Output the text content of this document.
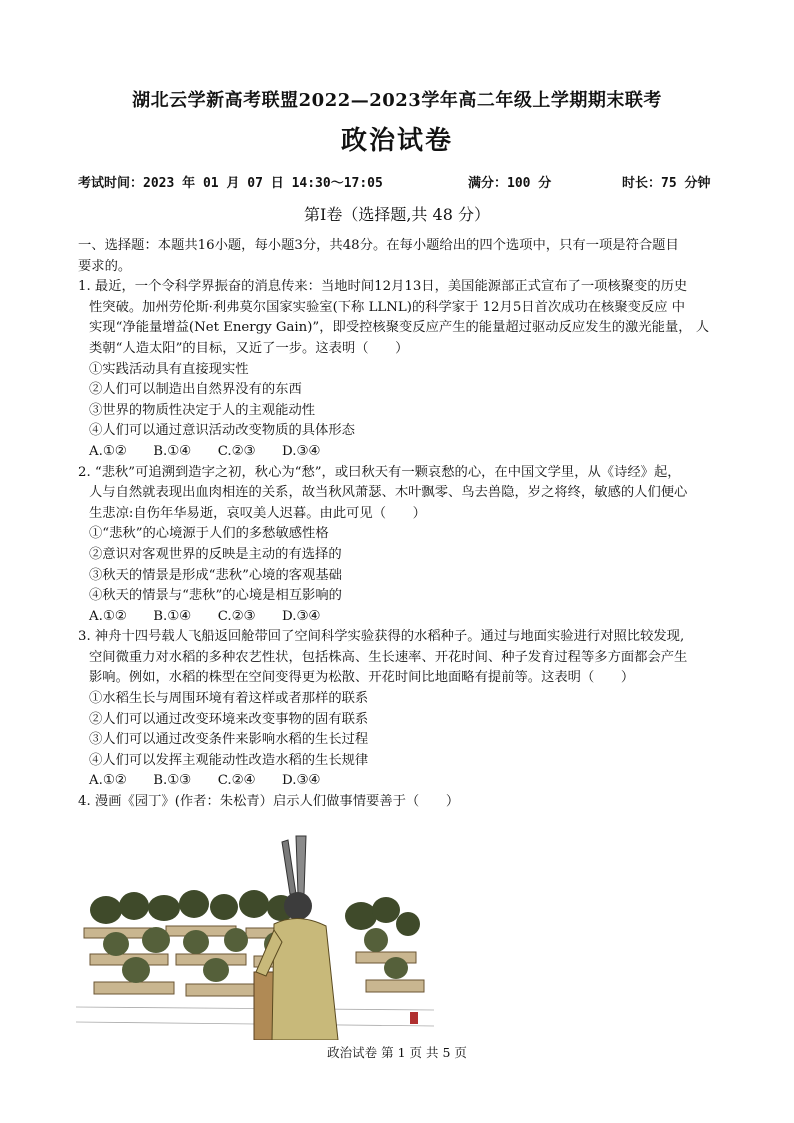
湖北云学新高考联盟2022—2023学年高二年级上学期期末联考
政治试卷
考试时间：2023 年 01 月 07 日 14:30～17:05	满分：100 分	时长：75 分钟
第Ⅰ卷（选择题,共 48 分）
一、选择题：本题共16小题，每小题3分，共48分。在每小题给出的四个选项中，只有一项是符合题目
要求的。
1. 最近，一个令科学界振奋的消息传来：当地时间12月13日，美国能源部正式宣布了一项核聚变的历史
性突破。加州劳伦斯·利弗莫尔国家实验室(下称 LLNL)的科学家于 12月5日首次成功在核聚变反应 中
实现“净能量增益(Net Energy Gain)”，即受控核聚变反应产生的能量超过驱动反应发生的激光能量， 人
类朝“人造太阳”的目标，又近了一步。这表明（　　）
①实践活动具有直接现实性
②人们可以制造出自然界没有的东西
③世界的物质性决定于人的主观能动性
④人们可以通过意识活动改变物质的具体形态
A.①②　　B.①④　　C.②③　　D.③④
2. “悲秋”可追溯到造字之初，秋心为“愁”，或曰秋天有一颗哀愁的心，在中国文学里，从《诗经》起，
人与自然就表现出血肉相连的关系，故当秋风萧瑟、木叶飘零、鸟去兽隐，岁之将终，敏感的人们便心
生悲凉:自伤年华易逝，哀叹美人迟暮。由此可见（　　）
①“悲秋”的心境源于人们的多愁敏感性格
②意识对客观世界的反映是主动的有选择的
③秋天的情景是形成“悲秋”心境的客观基础
④秋天的情景与“悲秋”的心境是相互影响的
A.①②　　B.①④　　C.②③　　D.③④
3. 神舟十四号载人飞船返回舱带回了空间科学实验获得的水稻种子。通过与地面实验进行对照比较发现,
空间微重力对水稻的多种农艺性状，包括株高、生长速率、开花时间、种子发育过程等多方面都会产生
影响。例如，水稻的株型在空间变得更为松散、开花时间比地面略有提前等。这表明（　　）
①水稻生长与周围环境有着这样或者那样的联系
②人们可以通过改变环境来改变事物的固有联系
③人们可以通过改变条件来影响水稻的生长过程
④人们可以发挥主观能动性改造水稻的生长规律
A.①②　　B.①③　　C.②④　　D.③④
4. 漫画《园丁》(作者：朱松青）启示人们做事情要善于（　　）
政治试卷 第 1 页 共 5 页
